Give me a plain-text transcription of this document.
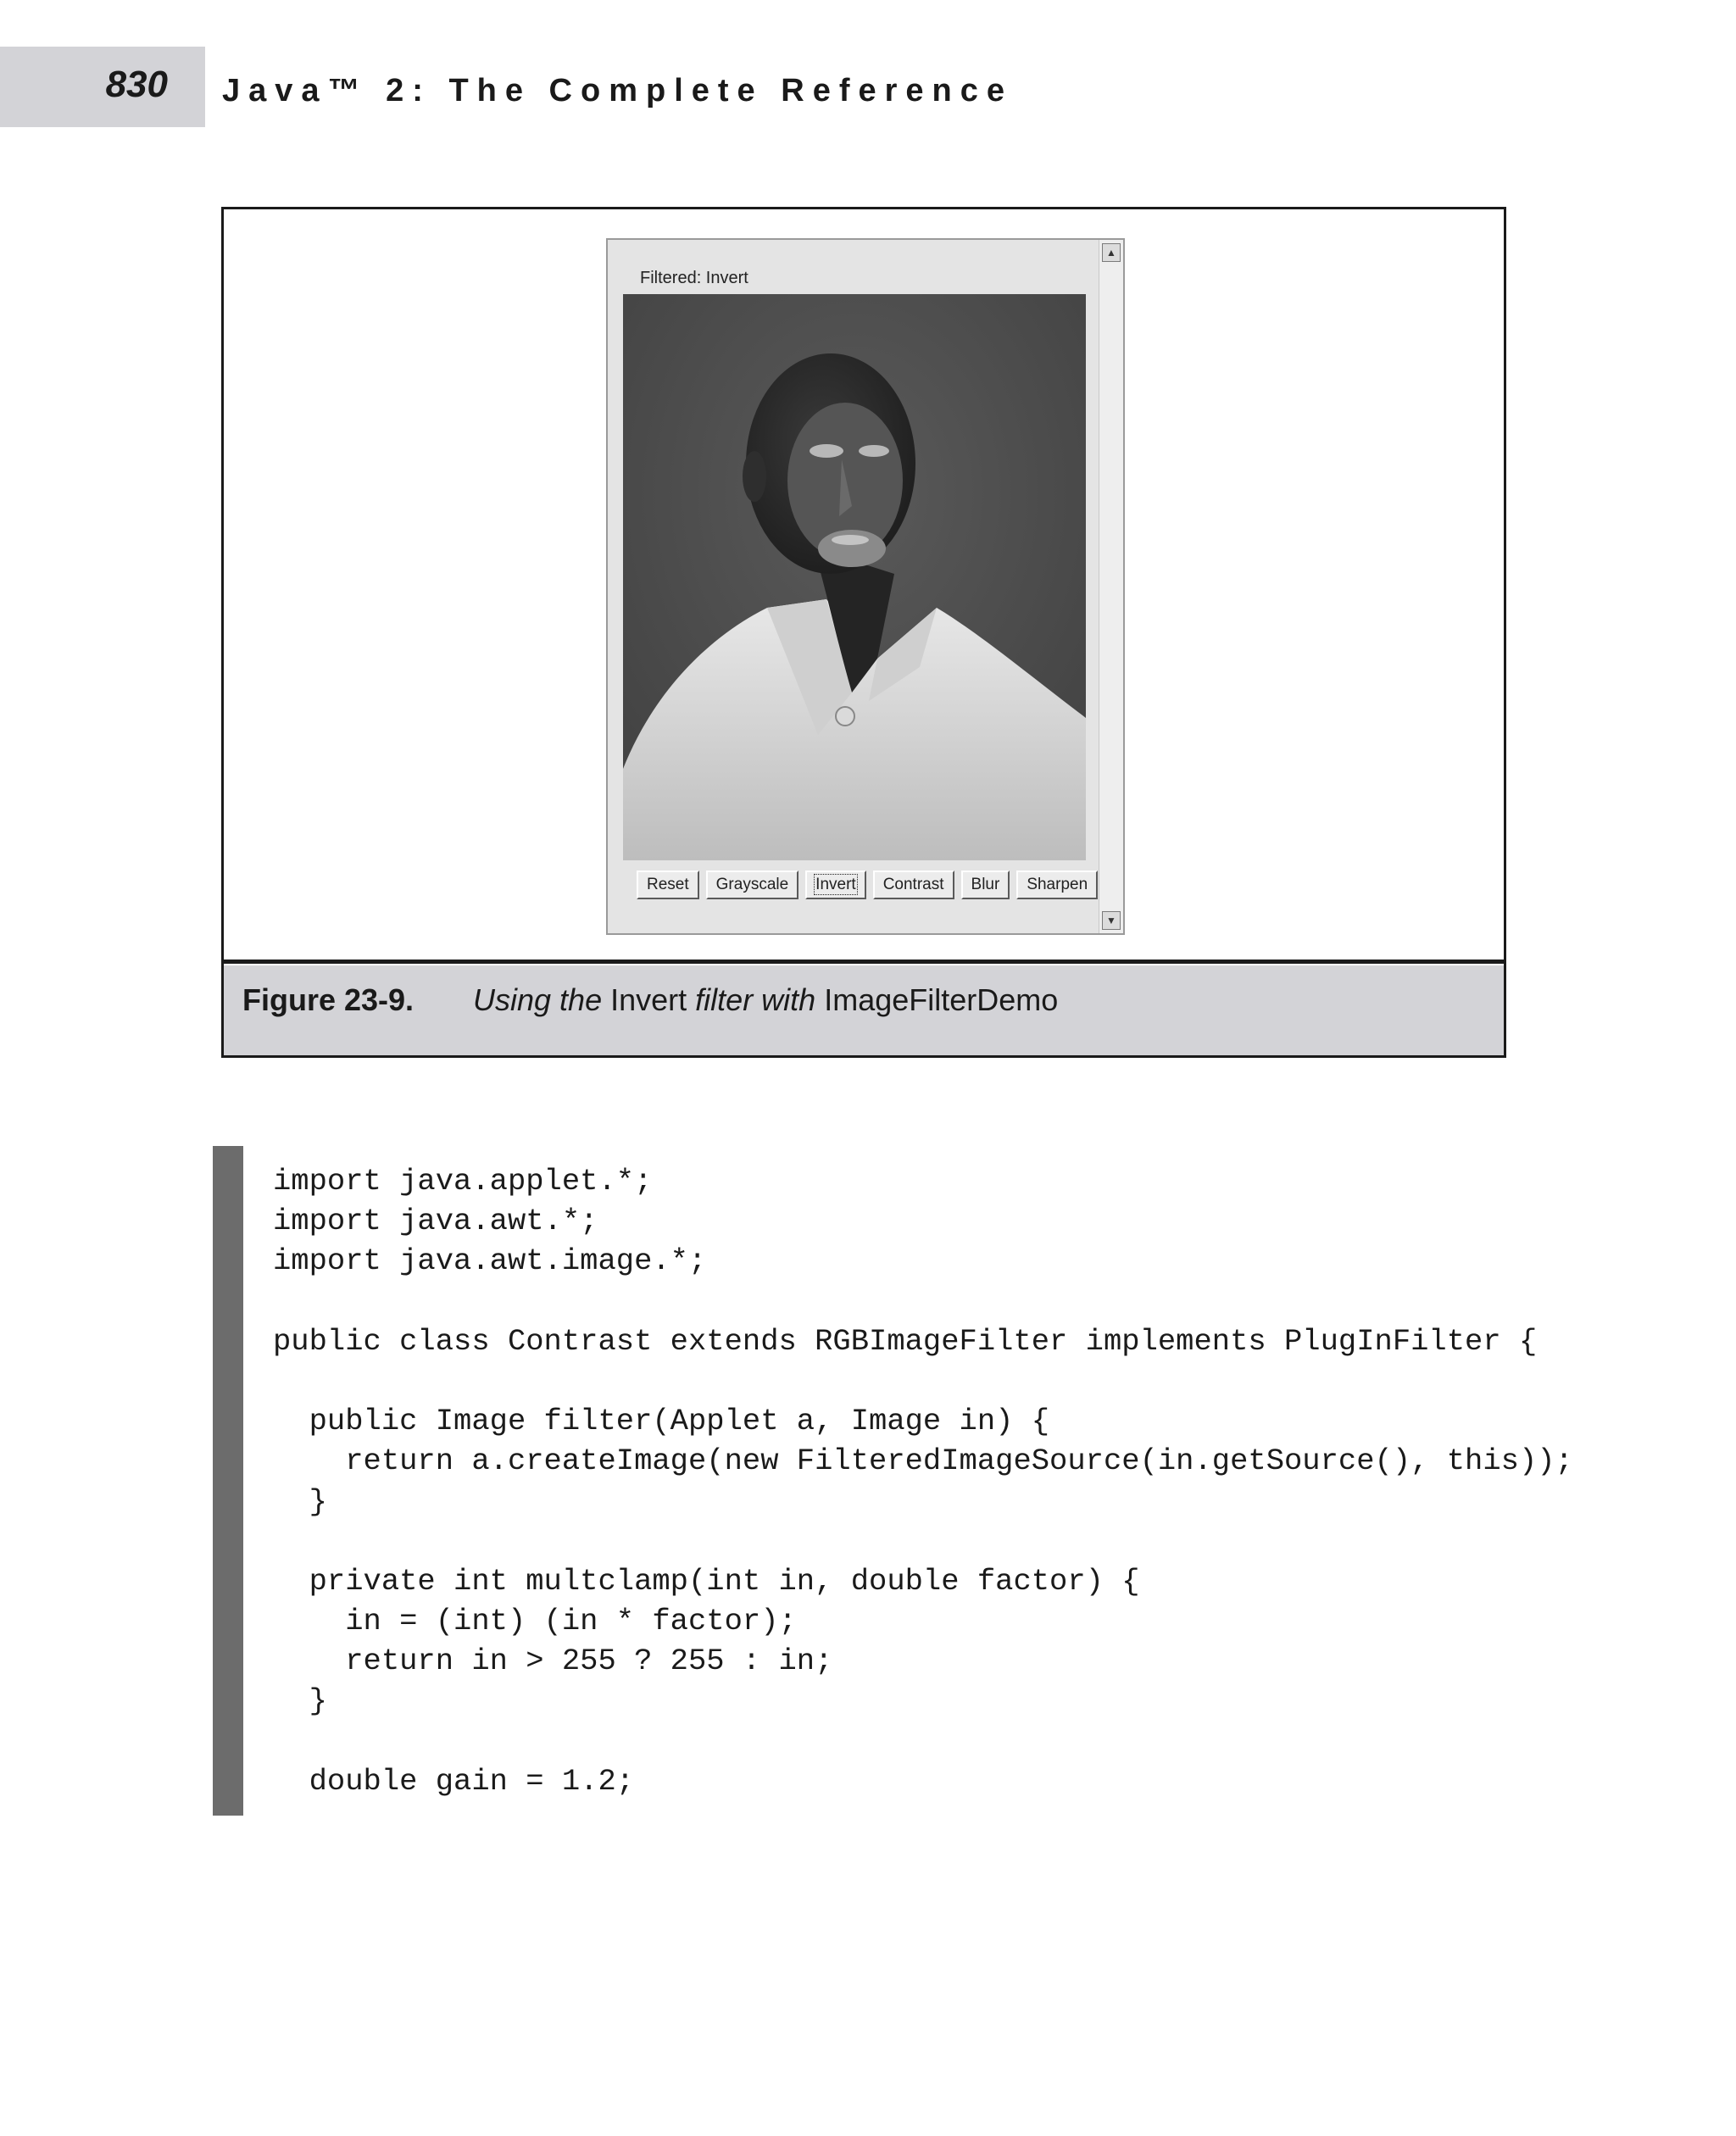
830 Java™ 2: The Complete Reference
▲
▼
Filtered: Invert
Reset	Grayscale	Invert	Contrast	Blur	Sharpen
Figure 23-9. Using the Invert filter with ImageFilterDemo
import java.applet.*;
import java.awt.*;
import java.awt.image.*;
public class Contrast extends RGBImageFilter implements PlugInFilter {
public Image filter(Applet a, Image in) {
return a.createImage(new FilteredImageSource(in.getSource(), this));
}
private int multclamp(int in, double factor) {
in = (int) (in * factor);
return in > 255 ? 255 : in;
}
double gain = 1.2;
